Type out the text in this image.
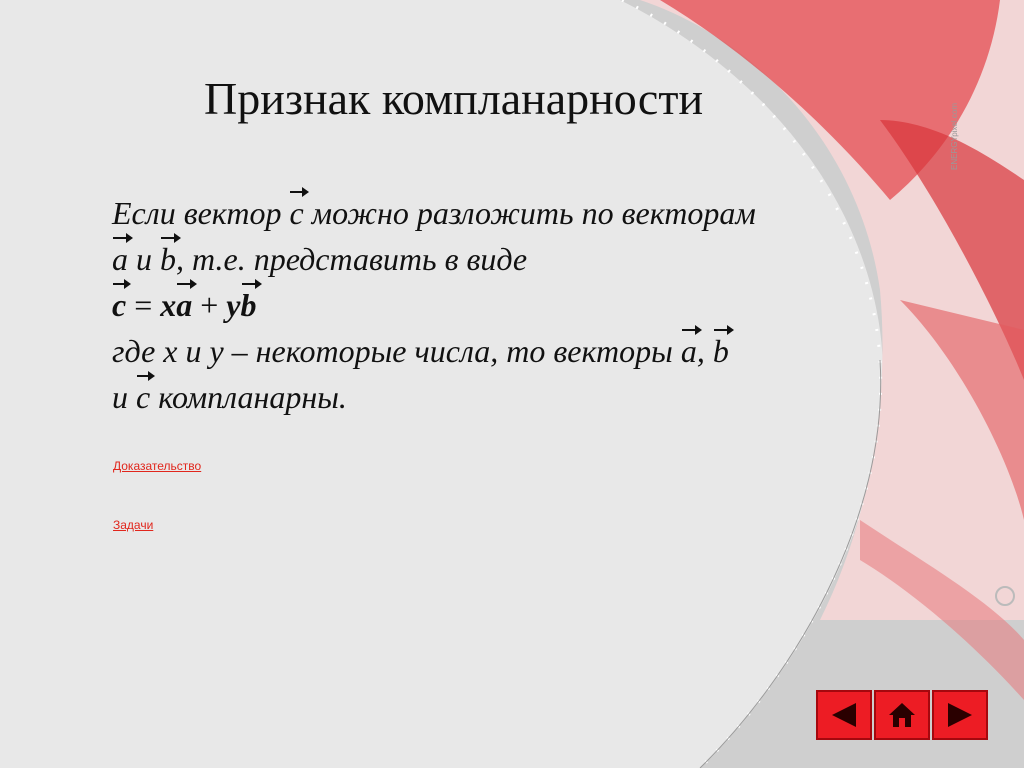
Признак компланарности
Если вектор c можно разложить по векторам
a и b, т.е. представить в виде
c = xa + yb
где x и y – некоторые числа, то векторы a, b
и c компланарны.
Доказательство
Задачи
ENERGYpixel.com
